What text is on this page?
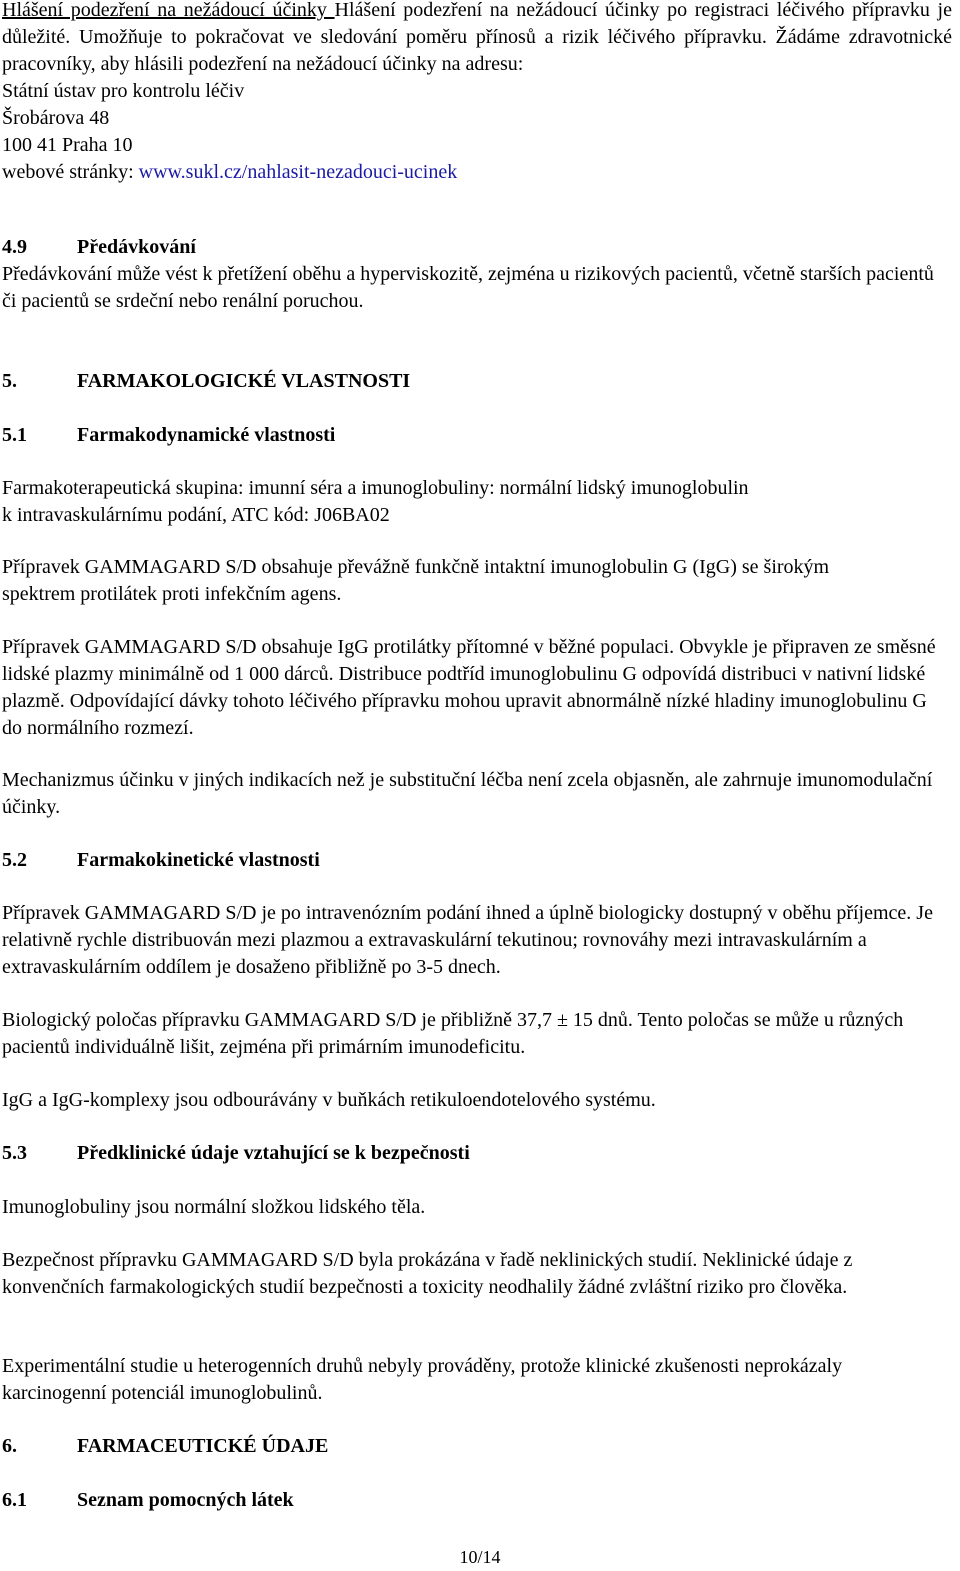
Hlášení podezření na nežádoucí účinky Hlášení podezření na nežádoucí účinky po registraci léčivého přípravku je důležité. Umožňuje to pokračovat ve sledování poměru přínosů a rizik léčivého přípravku. Žádáme zdravotnické pracovníky, aby hlásili podezření na nežádoucí účinky na adresu:

Státní ústav pro kontrolu léčiv

Šrobárova 48

100 41 Praha 10

webové stránky: www.sukl.cz/nahlasit-nezadouci-ucinek

4.9	Předávkování

Předávkování může vést k přetížení oběhu a hyperviskozitě, zejména u rizikových pacientů, včetně starších pacientů či pacientů se srdeční nebo renální poruchou.

5.	FARMAKOLOGICKÉ VLASTNOSTI

5.1	Farmakodynamické vlastnosti

Farmakoterapeutická skupina: imunní séra a imunoglobuliny: normální lidský imunoglobulin

k intravaskulárnímu podání, ATC kód: J06BA02

Přípravek GAMMAGARD S/D obsahuje převážně funkčně intaktní imunoglobulin G (IgG) se širokým spektrem protilátek proti infekčním agens.

Přípravek GAMMAGARD S/D obsahuje IgG protilátky přítomné v běžné populaci. Obvykle je připraven ze směsné lidské plazmy minimálně od 1 000 dárců. Distribuce podtříd imunoglobulinu G odpovídá distribuci v nativní lidské plazmě. Odpovídající dávky tohoto léčivého přípravku mohou upravit abnormálně nízké hladiny imunoglobulinu G do normálního rozmezí.

Mechanizmus účinku v jiných indikacích než je substituční léčba není zcela objasněn, ale zahrnuje imunomodulační účinky.

5.2	Farmakokinetické vlastnosti

Přípravek GAMMAGARD S/D je po intravenózním podání ihned a úplně biologicky dostupný v oběhu příjemce. Je relativně rychle distribuován mezi plazmou a extravaskulární tekutinou; rovnováhy mezi intravaskulárním a extravaskulárním oddílem je dosaženo přibližně po 3-5 dnech.

Biologický poločas přípravku GAMMAGARD S/D je přibližně 37,7 ± 15 dnů. Tento poločas se může u různých pacientů individuálně lišit, zejména při primárním imunodeficitu.

IgG a IgG-komplexy jsou odbourávány v buňkách retikuloendotelového systému.

5.3	Předklinické údaje vztahující se k bezpečnosti

Imunoglobuliny jsou normální složkou lidského těla.

Bezpečnost přípravku GAMMAGARD S/D byla prokázána v řadě neklinických studií. Neklinické údaje z konvenčních farmakologických studií bezpečnosti a toxicity neodhalily žádné zvláštní riziko pro člověka.

Experimentální studie u heterogenních druhů nebyly prováděny, protože klinické zkušenosti neprokázaly karcinogenní potenciál imunoglobulinů.

6.	FARMACEUTICKÉ ÚDAJE

6.1	Seznam pomocných látek

10/14
